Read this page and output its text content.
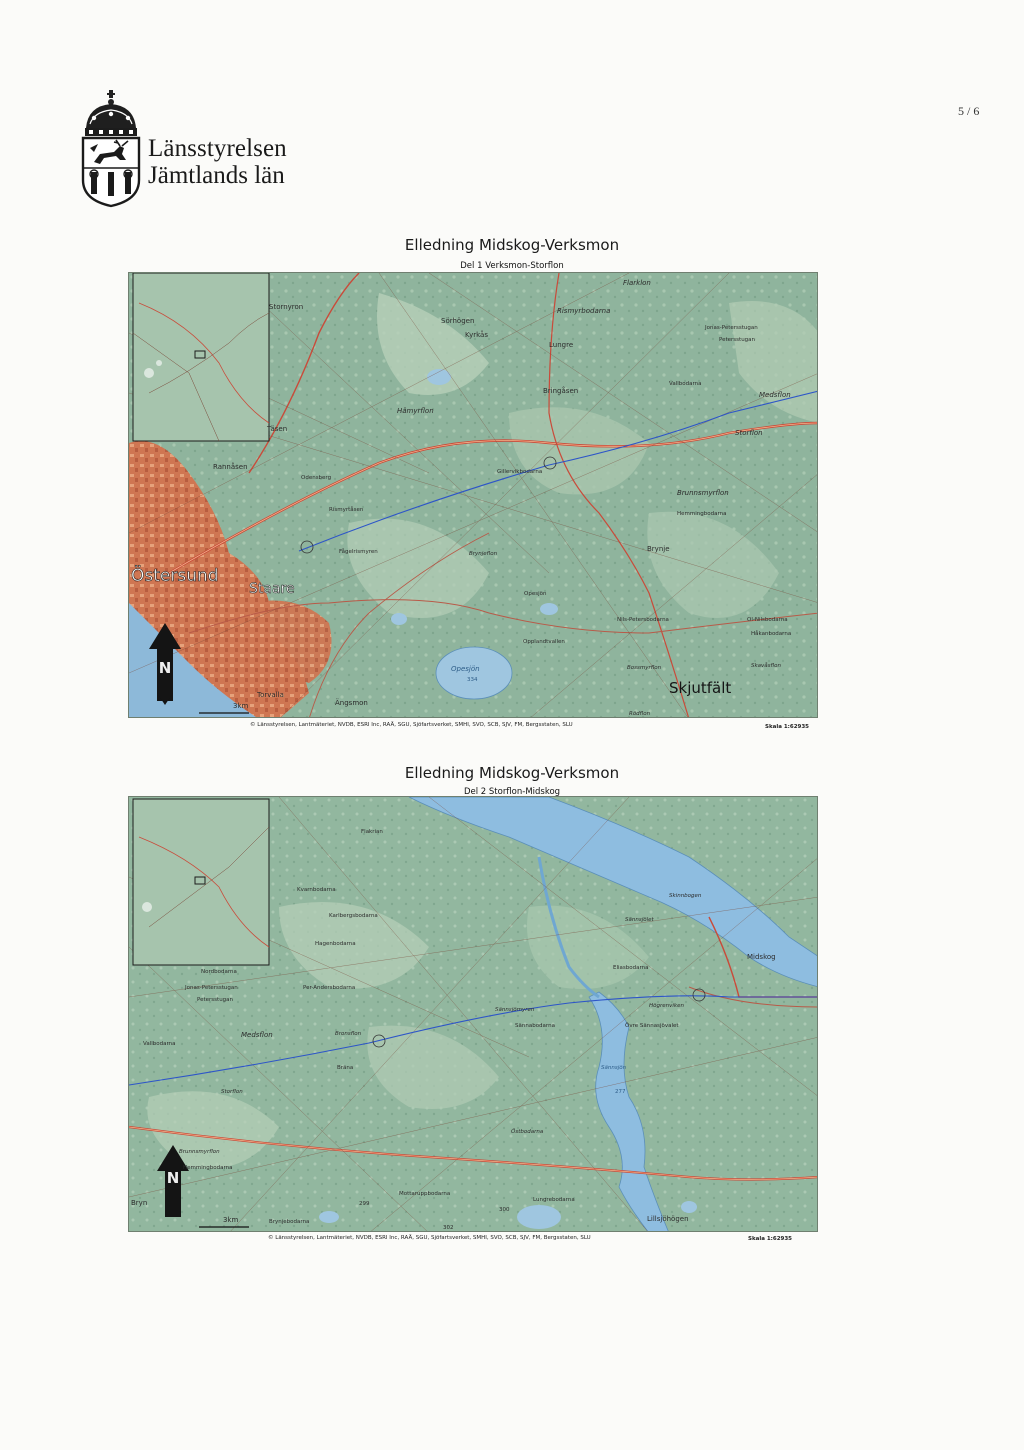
5 / 6
Länsstyrelsen
Jämtlands län
Elledning Midskog-Verksmon
Del 1 Verksmon-Storflon
N
3km
Stornyron
Flarklon
Sörhögen
Rismyrbodarna
Kyrkås
Lungre
Bringåsen
Hämyrflon
Täsen	Storflon
Medsflon
Jonas-Petersstugan
Petersstugan
Vallbodarna
Rannåsen
Odensberg
Rismyrtåsen
Gillervikbodarna
Brunnsmyrflon
Hemmingbodarna
Brynje
Brynjeflon
Fågelrismyren
Östersund
Staare	Opesjön
Opesjön
334
Opplandtvallen
Nils-Petersbodarna	Ol-Nilsbodarna
Håkanbodarna
Skavåsflon
Bossmyrflon
Skjutfält
Torvalla
Ängsmon
Rödflon
© Länsstyrelsen, Lantmäteriet, NVDB, ESRI Inc, RAÄ, SGU, Sjöfartsverket, SMHI, SVO, SCB, SJV, FM, Bergsstaten, SLU	Skala 1:62935
Elledning Midskog-Verksmon
Del 2 Storflon-Midskog
N
3km
Flakrian
Kvarnbodarna
Karlbergsbodarna
Hagenbodarna
Nordbodarna
Jonas-Petersstugan
Petersstugan
Per-Andersbodarna
Medsflon	Bronsflon
Vallbodarna
Storflon
Sännsjölet
Skinnbogen
Midskog
Eliasbodarna
Högrenviken
Sännsjömyren
Sännabodarna	Övre Sännasjövalet
Sännsjön
277
Bräna
Östbodarna
Lungrebodarna
Mottaruppbodarna
Lillsjöhögen
Bryn
Hemmingbodarna
Brunnsmyrflon
Brynjebodarna
299
300
302
© Länsstyrelsen, Lantmäteriet, NVDB, ESRI Inc, RAÄ, SGU, Sjöfartsverket, SMHI, SVO, SCB, SJV, FM, Bergsstaten, SLU	Skala 1:62935
